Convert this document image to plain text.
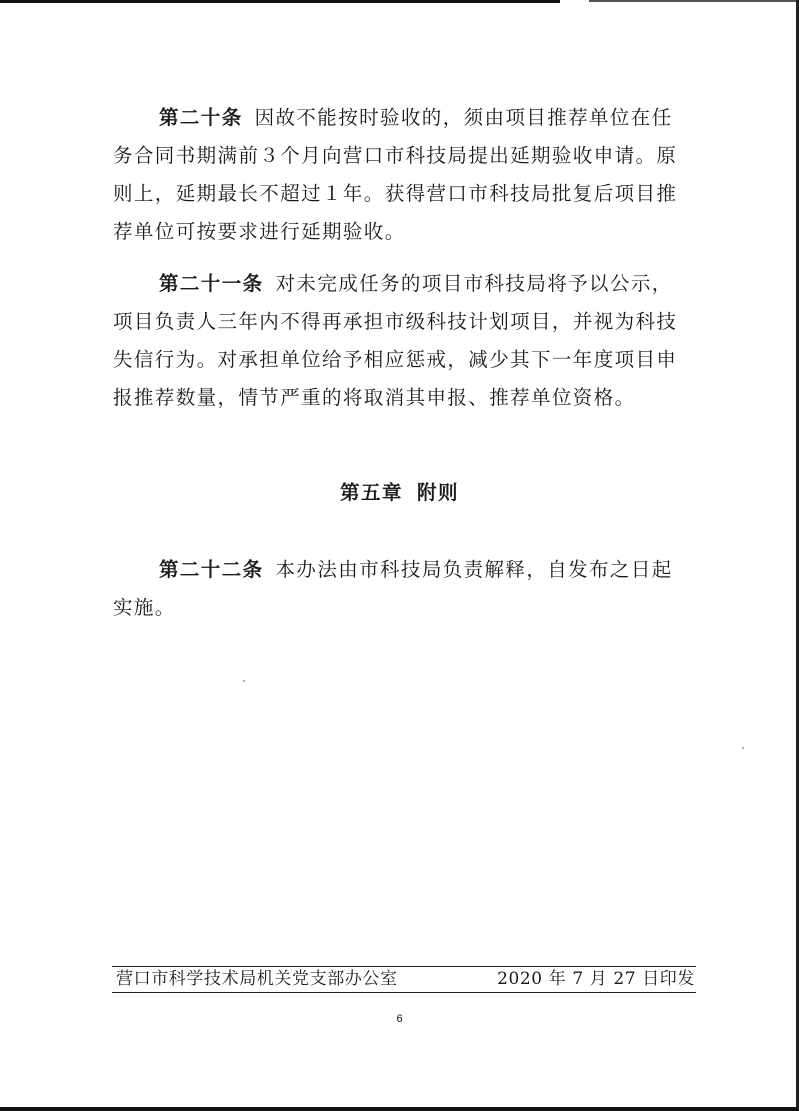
第二十条 因故不能按时验收的，须由项目推荐单位在任务合同书期满前３个月向营口市科技局提出延期验收申请。原则上，延期最长不超过１年。获得营口市科技局批复后项目推荐单位可按要求进行延期验收。

第二十一条 对未完成任务的项目市科技局将予以公示，项目负责人三年内不得再承担市级科技计划项目，并视为科技失信行为。对承担单位给予相应惩戒，减少其下一年度项目申报推荐数量，情节严重的将取消其申报、推荐单位资格。

第五章 附则

第二十二条 本办法由市科技局负责解释，自发布之日起实施。

营口市科学技术局机关党支部办公室	2020 年 7 月 27 日印发
6
